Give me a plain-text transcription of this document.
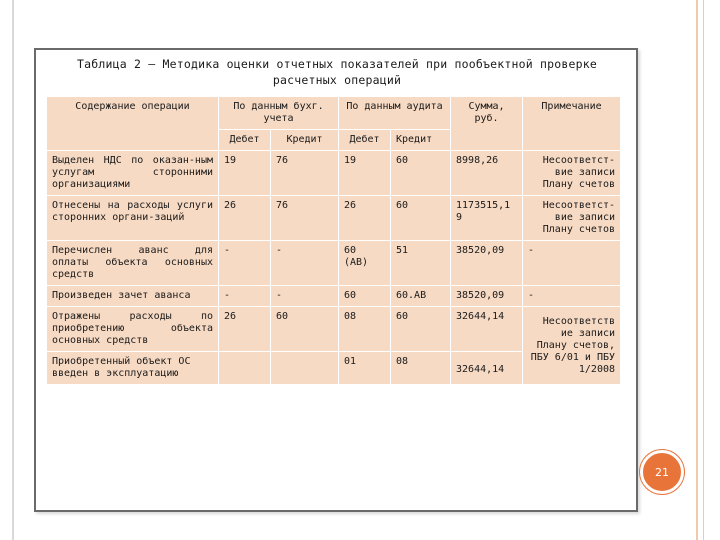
Таблица 2 – Методика оценки отчетных показателей при пообъектной проверке
расчетных операций
Содержание операции	По данным бухг. учета		По данным аудита		Сумма, руб.	Примечание
	Дебет	Кредит	Дебет	Кредит		
Выделен НДС по оказан-ным услугам сторонними организациями	19	76	19	60	8998,26	Несоответст-вие записи Плану счетов
Отнесены на расходы услуги сторонних органи-заций	26	76	26	60	1173515,1 9	Несоответст-вие записи Плану счетов
Перечислен аванс для оплаты объекта основных средств	-	-	60 (АВ)	51	38520,09	-
Произведен зачет аванса	-	-	60	60.АВ	38520,09	-
Отражены расходы по приобретению объекта основных средств	26	60	08	60	32644,14	Несоответств ие записи Плану счетов, ПБУ 6/01 и ПБУ 1/2008
Приобретенный объект ОС введен в эксплуатацию			01	08	32644,14	
21
